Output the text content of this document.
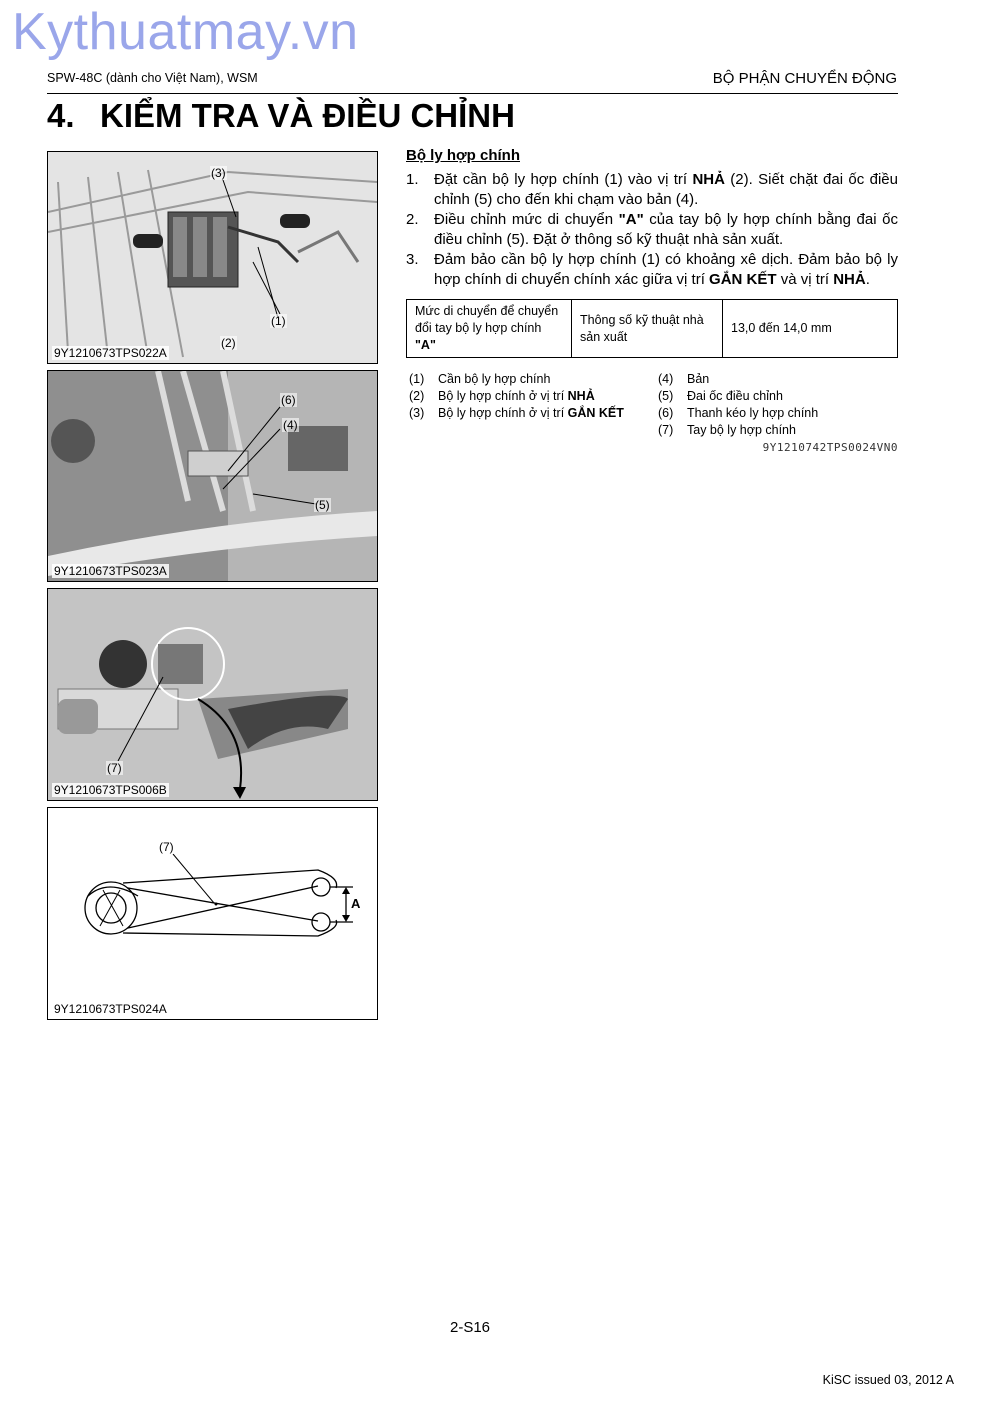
Kythuatmay.vn
SPW-48C (dành cho Việt Nam), WSM	BỘ PHẬN CHUYỂN ĐỘNG
4. KIỂM TRA VÀ ĐIỀU CHỈNH
(3)
(1)
(2)
9Y1210673TPS022A
(6)
(4)
(5)
9Y1210673TPS023A
(7)
9Y1210673TPS006B
(7)
A
9Y1210673TPS024A
Bộ ly hợp chính
1. Đặt cần bộ ly hợp chính (1) vào vị trí NHẢ (2). Siết chặt đai ốc điều chỉnh (5) cho đến khi chạm vào bản (4).
2. Điều chỉnh mức di chuyển "A" của tay bộ ly hợp chính bằng đai ốc điều chỉnh (5). Đặt ở thông số kỹ thuật nhà sản xuất.
3. Đảm bảo cần bộ ly hợp chính (1) có khoảng xê dịch. Đảm bảo bộ ly hợp chính di chuyển chính xác giữa vị trí GẮN KẾT và vị trí NHẢ.
Mức di chuyển để chuyển đổi tay bộ ly hợp chính "A"	Thông số kỹ thuật nhà sản xuất	13,0 đến 14,0 mm
(1) Cần bộ ly hợp chính
(2) Bộ ly hợp chính ở vị trí NHẢ
(3) Bộ ly hợp chính ở vị trí GẮN KẾT
(4) Bản
(5) Đai ốc điều chỉnh
(6) Thanh kéo ly hợp chính
(7) Tay bộ ly hợp chính
9Y1210742TPS0024VN0
2-S16
KiSC issued 03, 2012 A
